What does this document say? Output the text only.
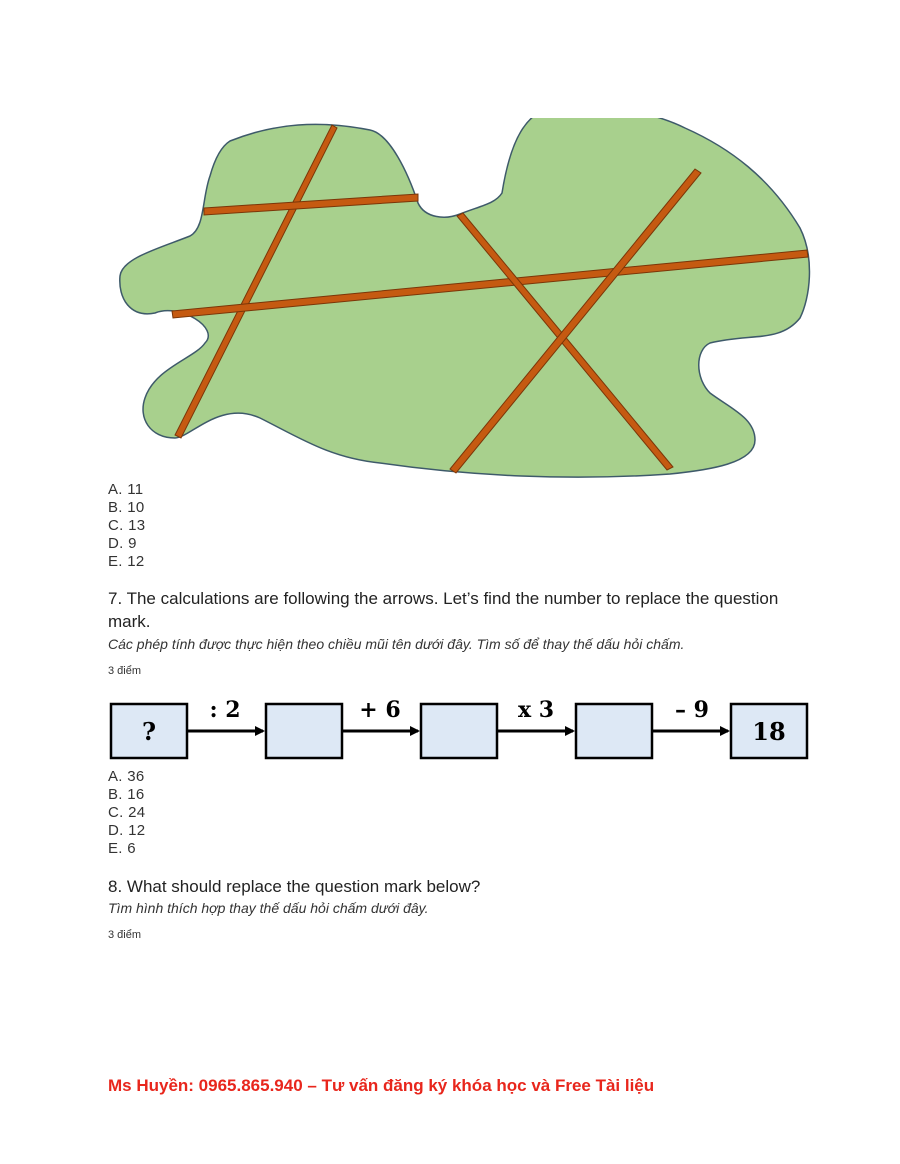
A. 11
B. 10
C. 13
D. 9
E. 12
7. The calculations are following the arrows. Let’s find the number to replace the question mark.
Các phép tính được thực hiện theo chiều mũi tên dưới đây. Tìm số để thay thế dấu hỏi chấm.
3 điểm
?	18
: 2	+ 6	x 3	– 9
A. 36
B. 16
C. 24
D. 12
E. 6
8. What should replace the question mark below?
Tìm hình thích hợp thay thế dấu hỏi chấm dưới đây.
3 điểm
Ms Huyền: 0965.865.940 – Tư vấn đăng ký khóa học và Free Tài liệu
